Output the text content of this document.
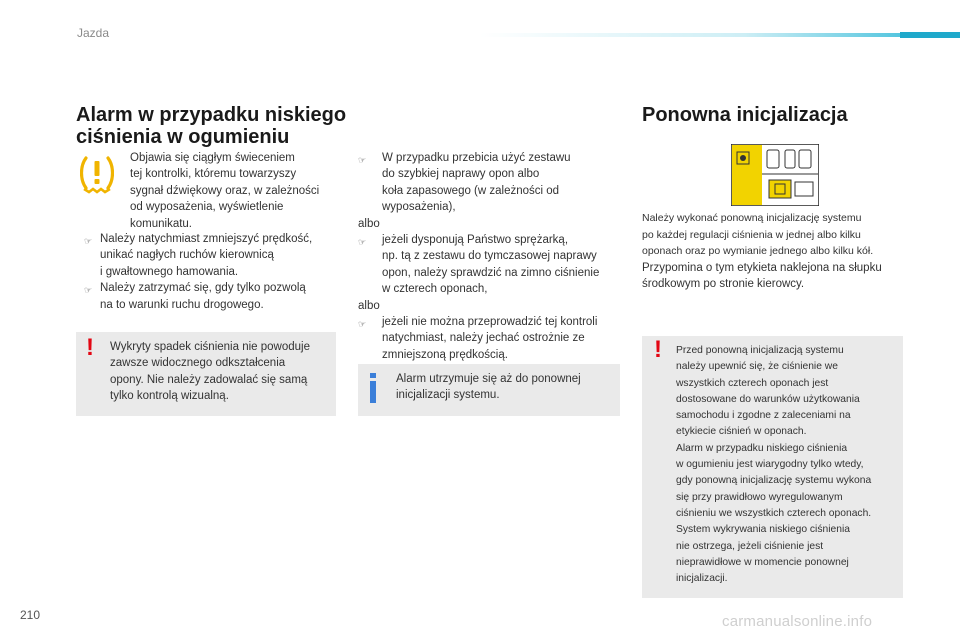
Jazda
Alarm w przypadku niskiego ciśnienia w ogumieniu
Objawia się ciągłym świeceniem
tej kontrolki, któremu towarzyszy
sygnał dźwiękowy oraz, w zależności
od wyposażenia, wyświetlenie
komunikatu.
☞ Należy natychmiast zmniejszyć prędkość,
unikać nagłych ruchów kierownicą
i gwałtownego hamowania.
☞ Należy zatrzymać się, gdy tylko pozwolą
na to warunki ruchu drogowego.
! Wykryty spadek ciśnienia nie powoduje
zawsze widocznego odkształcenia
opony. Nie należy zadowalać się samą
tylko kontrolą wizualną.
☞	W przypadku przebicia użyć zestawu
do szybkiej naprawy opon albo
koła zapasowego (w zależności od
wyposażenia),
albo
☞	jeżeli dysponują Państwo sprężarką,
np. tą z zestawu do tymczasowej naprawy
opon, należy sprawdzić na zimno ciśnienie
w czterech oponach,
albo
☞	jeżeli nie można przeprowadzić tej kontroli
natychmiast, należy jechać ostrożnie ze
zmniejszoną prędkością.
Alarm utrzymuje się aż do ponownej
inicjalizacji systemu.
Ponowna inicjalizacja
Należy wykonać ponowną inicjalizację systemu
po każdej regulacji ciśnienia w jednej albo kilku
oponach oraz po wymianie jednego albo kilku kół.
Przypomina o tym etykieta naklejona na słupku
środkowym po stronie kierowcy.
! Przed ponowną inicjalizacją systemu
należy upewnić się, że ciśnienie we
wszystkich czterech oponach jest
dostosowane do warunków użytkowania
samochodu i zgodne z zaleceniami na
etykiecie ciśnień w oponach.
Alarm w przypadku niskiego ciśnienia
w ogumieniu jest wiarygodny tylko wtedy,
gdy ponowną inicjalizację systemu wykona
się przy prawidłowo wyregulowanym
ciśnieniu we wszystkich czterech oponach.
System wykrywania niskiego ciśnienia
nie ostrzega, jeżeli ciśnienie jest
nieprawidłowe w momencie ponownej
inicjalizacji.
210	carmanualsonline.info
